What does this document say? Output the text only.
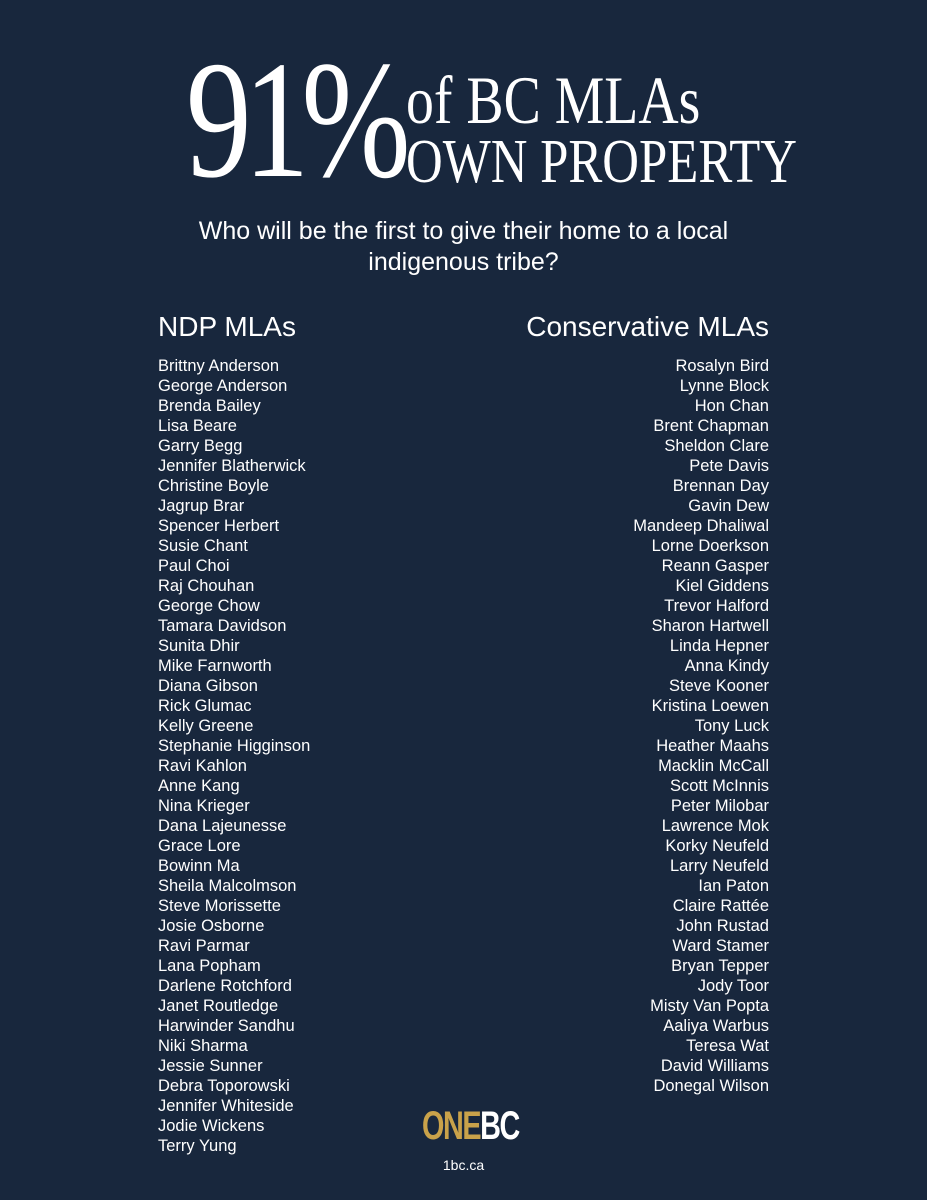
91% of BC MLAs
OWN PROPERTY
Who will be the first to give their home to a local
indigenous tribe?
NDP MLAs	Conservative MLAs
Brittny Anderson
George Anderson
Brenda Bailey
Lisa Beare
Garry Begg
Jennifer Blatherwick
Christine Boyle
Jagrup Brar
Spencer Herbert
Susie Chant
Paul Choi
Raj Chouhan
George Chow
Tamara Davidson
Sunita Dhir
Mike Farnworth
Diana Gibson
Rick Glumac
Kelly Greene
Stephanie Higginson
Ravi Kahlon
Anne Kang
Nina Krieger
Dana Lajeunesse
Grace Lore
Bowinn Ma
Sheila Malcolmson
Steve Morissette
Josie Osborne
Ravi Parmar
Lana Popham
Darlene Rotchford
Janet Routledge
Harwinder Sandhu
Niki Sharma
Jessie Sunner
Debra Toporowski
Jennifer Whiteside
Jodie Wickens
Terry Yung
Rosalyn Bird
Lynne Block
Hon Chan
Brent Chapman
Sheldon Clare
Pete Davis
Brennan Day
Gavin Dew
Mandeep Dhaliwal
Lorne Doerkson
Reann Gasper
Kiel Giddens
Trevor Halford
Sharon Hartwell
Linda Hepner
Anna Kindy
Steve Kooner
Kristina Loewen
Tony Luck
Heather Maahs
Macklin McCall
Scott McInnis
Peter Milobar
Lawrence Mok
Korky Neufeld
Larry Neufeld
Ian Paton
Claire Rattée
John Rustad
Ward Stamer
Bryan Tepper
Jody Toor
Misty Van Popta
Aaliya Warbus
Teresa Wat
David Williams
Donegal Wilson
ONEBC
1bc.ca
